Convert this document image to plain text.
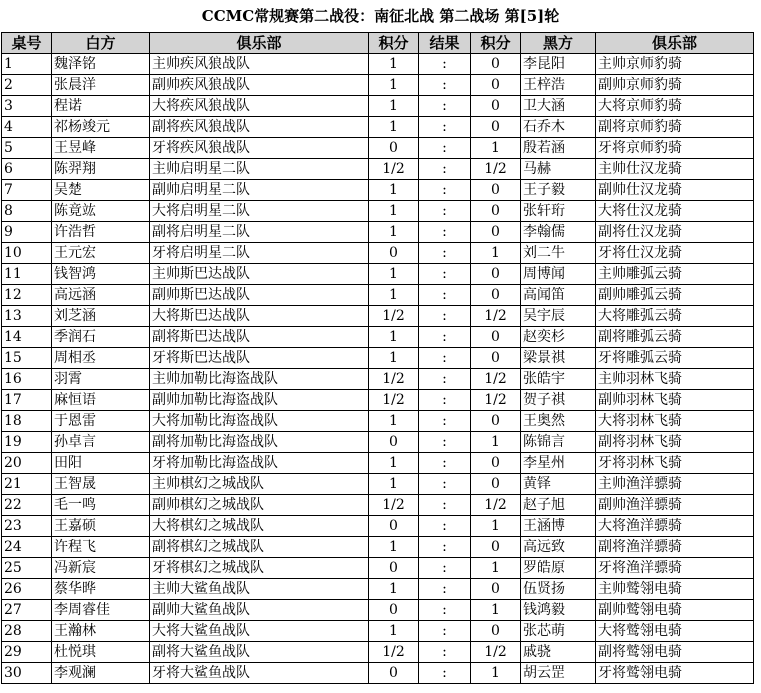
CCMC常规赛第二战役：南征北战 第二战场 第[5]轮
桌号	白方	俱乐部	积分	结果	积分	黑方	俱乐部
1	魏泽铭	主帅疾风狼战队	1	:	0	李昆阳	主帅京师豹骑
2	张晨洋	副帅疾风狼战队	1	:	0	王梓浩	副帅京师豹骑
3	程诺	大将疾风狼战队	1	:	0	卫大涵	大将京师豹骑
4	祁杨竣元	副将疾风狼战队	1	:	0	石乔木	副将京师豹骑
5	王昱峰	牙将疾风狼战队	0	:	1	殷若涵	牙将京师豹骑
6	陈羿翔	主帅启明星二队	1/2	:	1/2	马赫	主帅仕汉龙骑
7	吴楚	副帅启明星二队	1	:	0	王子毅	副帅仕汉龙骑
8	陈竟竑	大将启明星二队	1	:	0	张轩珩	大将仕汉龙骑
9	许浩哲	副将启明星二队	1	:	0	李翰儒	副将仕汉龙骑
10	王元宏	牙将启明星二队	0	:	1	刘二牛	牙将仕汉龙骑
11	钱智鸿	主帅斯巴达战队	1	:	0	周博闻	主帅雕弧云骑
12	高远涵	副帅斯巴达战队	1	:	0	高闻笛	副帅雕弧云骑
13	刘芝涵	大将斯巴达战队	1/2	:	1/2	吴宇辰	大将雕弧云骑
14	季润石	副将斯巴达战队	1	:	0	赵奕杉	副将雕弧云骑
15	周相丞	牙将斯巴达战队	1	:	0	梁景祺	牙将雕弧云骑
16	羽霄	主帅加勒比海盗战队	1/2	:	1/2	张皓宇	主帅羽林飞骑
17	麻恒语	副帅加勒比海盗战队	1/2	:	1/2	贺子祺	副帅羽林飞骑
18	于恩雷	大将加勒比海盗战队	1	:	0	王奥然	大将羽林飞骑
19	孙卓言	副将加勒比海盗战队	0	:	1	陈锦言	副将羽林飞骑
20	田阳	牙将加勒比海盗战队	1	:	0	李星州	牙将羽林飞骑
21	王智晟	主帅棋幻之城战队	1	:	0	黄铎	主帅渔洋骠骑
22	毛一鸣	副帅棋幻之城战队	1/2	:	1/2	赵子旭	副帅渔洋骠骑
23	王嘉硕	大将棋幻之城战队	0	:	1	王涵博	大将渔洋骠骑
24	许程飞	副将棋幻之城战队	1	:	0	高远致	副将渔洋骠骑
25	冯新宸	牙将棋幻之城战队	0	:	1	罗皓原	牙将渔洋骠骑
26	蔡华晔	主帅大鲨鱼战队	1	:	0	伍贤扬	主帅鹫翎电骑
27	李周睿佳	副帅大鲨鱼战队	0	:	1	钱鸿毅	副帅鹫翎电骑
28	王瀚林	大将大鲨鱼战队	1	:	0	张芯萌	大将鹫翎电骑
29	杜悦琪	副将大鲨鱼战队	1/2	:	1/2	戚骁	副将鹫翎电骑
30	李观澜	牙将大鲨鱼战队	0	:	1	胡云罡	牙将鹫翎电骑
